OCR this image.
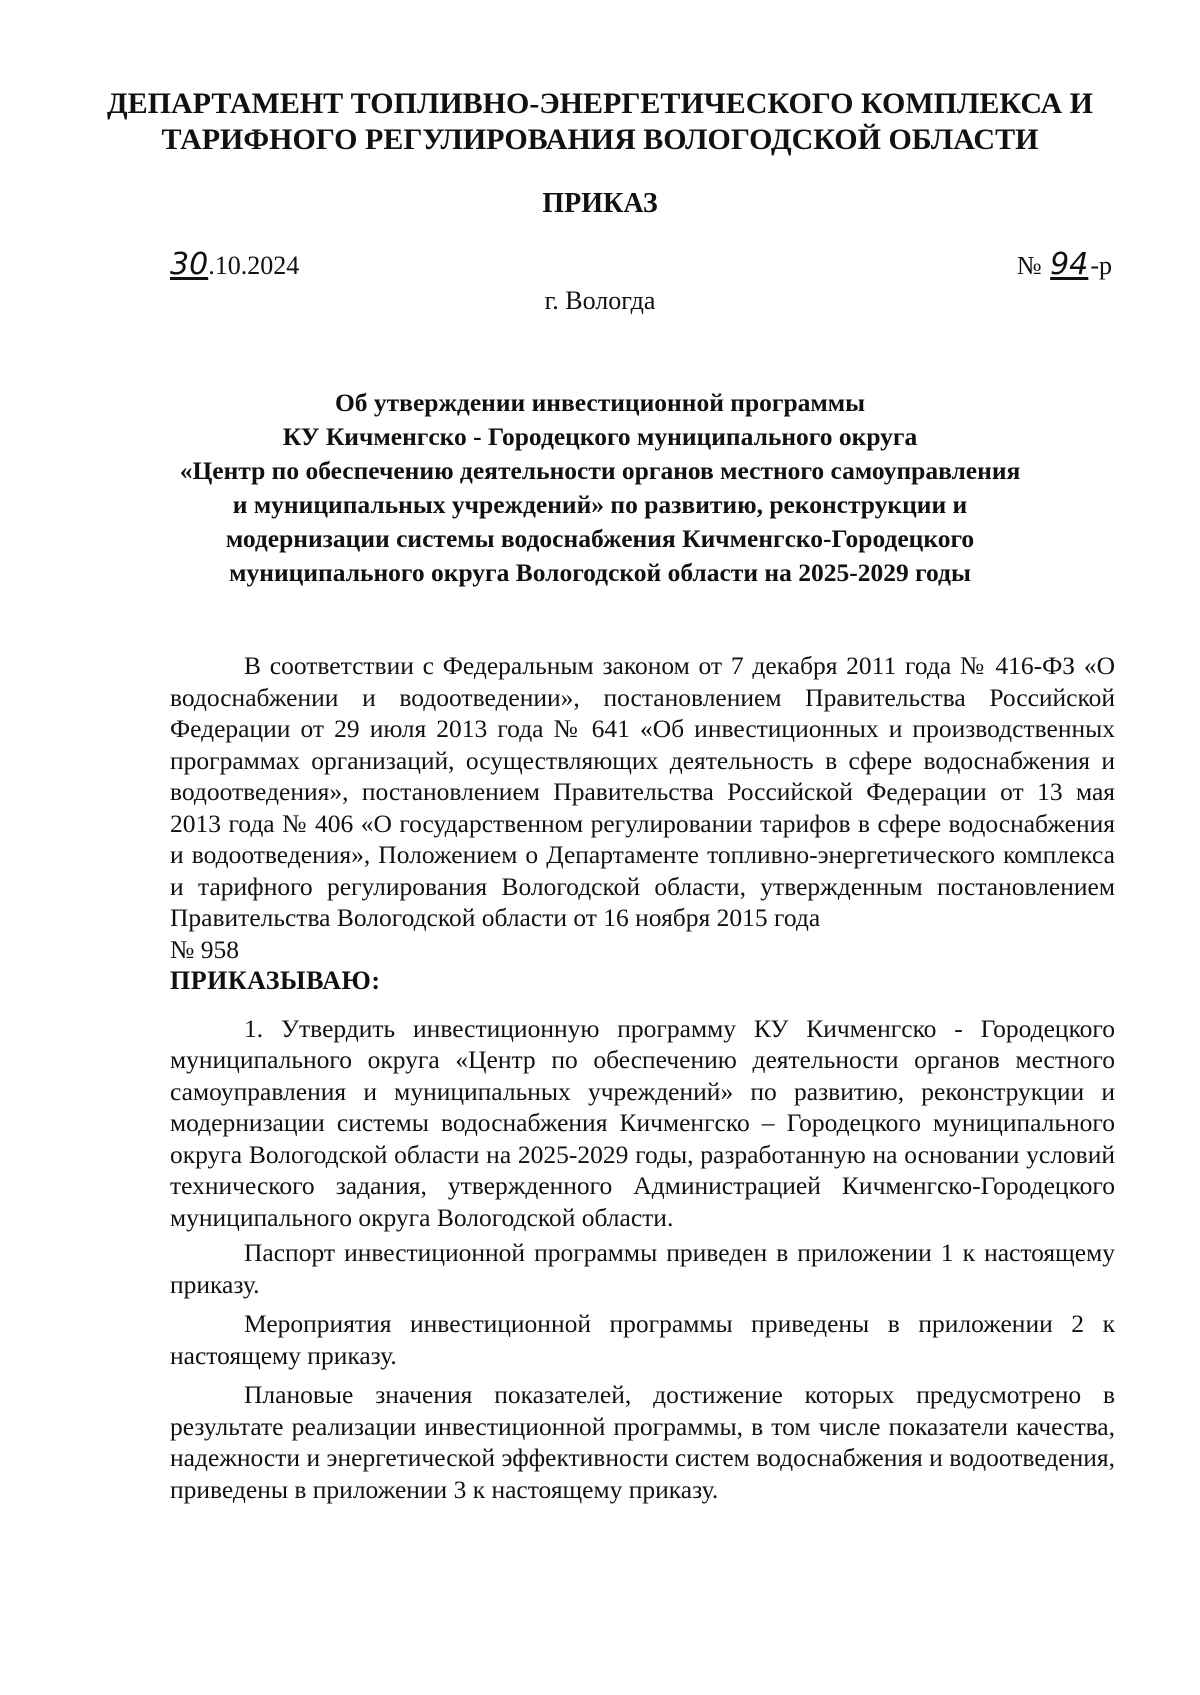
ДЕПАРТАМЕНТ ТОПЛИВНО-ЭНЕРГЕТИЧЕСКОГО КОМПЛЕКСА И
ТАРИФНОГО РЕГУЛИРОВАНИЯ ВОЛОГОДСКОЙ ОБЛАСТИ
ПРИКАЗ
30.10.2024	№ 94-р
г. Вологда
Об утверждении инвестиционной программы
КУ Кичменгско - Городецкого муниципального округа
«Центр по обеспечению деятельности органов местного самоуправления
и муниципальных учреждений» по развитию, реконструкции и
модернизации системы водоснабжения Кичменгско-Городецкого
муниципального округа Вологодской области на 2025-2029 годы

В соответствии с Федеральным законом от 7 декабря 2011 года № 416-ФЗ «О водоснабжении и водоотведении», постановлением Правительства Российской Федерации от 29 июля 2013 года № 641 «Об инвестиционных и производственных программах организаций, осуществляющих деятельность в сфере водоснабжения и водоотведения», постановлением Правительства Российской Федерации от 13 мая 2013 года № 406 «О государственном регулировании тарифов в сфере водоснабжения и водоотведения», Положением о Департаменте топливно-энергетического комплекса и тарифного регулирования Вологодской области, утвержденным постановлением Правительства Вологодской области от 16 ноября 2015 года

№ 958

ПРИКАЗЫВАЮ:

1. Утвердить инвестиционную программу КУ Кичменгско - Городецкого муниципального округа «Центр по обеспечению деятельности органов местного самоуправления и муниципальных учреждений» по развитию, реконструкции и модернизации системы водоснабжения Кичменгско – Городецкого муниципального округа Вологодской области на 2025-2029 годы, разработанную на основании условий технического задания, утвержденного Администрацией Кичменгско-Городецкого муниципального округа Вологодской области.

Паспорт инвестиционной программы приведен в приложении 1 к настоящему приказу.

Мероприятия инвестиционной программы приведены в приложении 2 к настоящему приказу.

Плановые значения показателей, достижение которых предусмотрено в результате реализации инвестиционной программы, в том числе показатели качества, надежности и энергетической эффективности систем водоснабжения и водоотведения, приведены в приложении 3 к настоящему приказу.
